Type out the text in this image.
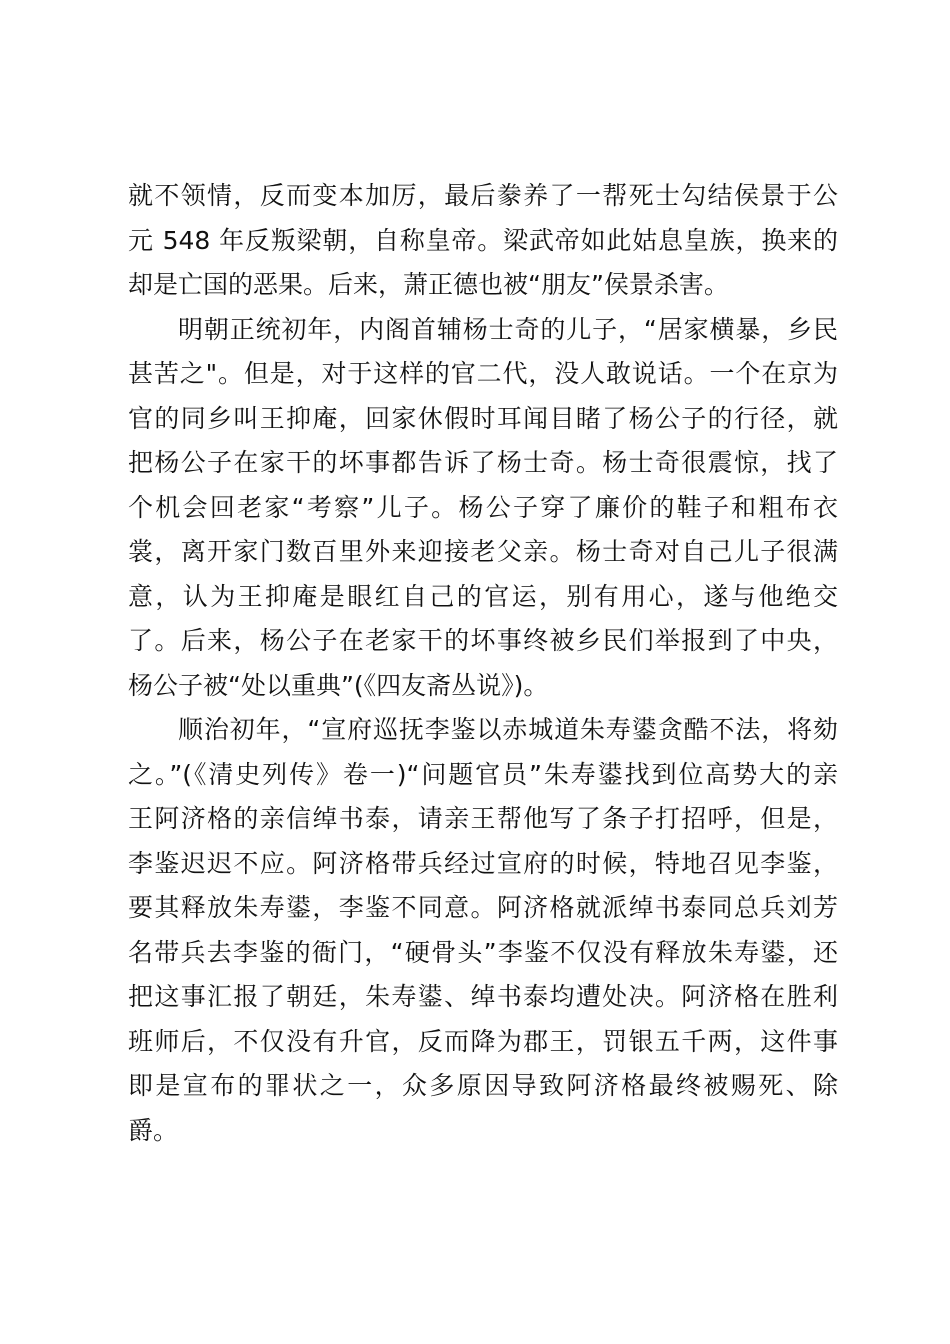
就不领情，反而变本加厉，最后豢养了一帮死士勾结侯景于公
元 548 年反叛梁朝，自称皇帝。梁武帝如此姑息皇族，换来的
却是亡国的恶果。后来，萧正德也被“朋友”侯景杀害。
明朝正统初年，内阁首辅杨士奇的儿子，“居家横暴，乡民
甚苦之"。但是，对于这样的官二代，没人敢说话。一个在京为
官的同乡叫王抑庵，回家休假时耳闻目睹了杨公子的行径，就
把杨公子在家干的坏事都告诉了杨士奇。杨士奇很震惊，找了
个机会回老家“考察”儿子。杨公子穿了廉价的鞋子和粗布衣
裳，离开家门数百里外来迎接老父亲。杨士奇对自己儿子很满
意，认为王抑庵是眼红自己的官运，别有用心，遂与他绝交
了。后来，杨公子在老家干的坏事终被乡民们举报到了中央，
杨公子被“处以重典”(《四友斋丛说》)。
顺治初年，“宣府巡抚李鉴以赤城道朱寿鍙贪酷不法，将劾
之。”(《清史列传》卷一)“问题官员”朱寿鍙找到位高势大的亲
王阿济格的亲信绰书泰，请亲王帮他写了条子打招呼，但是，
李鉴迟迟不应。阿济格带兵经过宣府的时候，特地召见李鉴，
要其释放朱寿鍙，李鉴不同意。阿济格就派绰书泰同总兵刘芳
名带兵去李鉴的衙门，“硬骨头”李鉴不仅没有释放朱寿鍙，还
把这事汇报了朝廷，朱寿鍙、绰书泰均遭处决。阿济格在胜利
班师后，不仅没有升官，反而降为郡王，罚银五千两，这件事
即是宣布的罪状之一，众多原因导致阿济格最终被赐死、除
爵。
